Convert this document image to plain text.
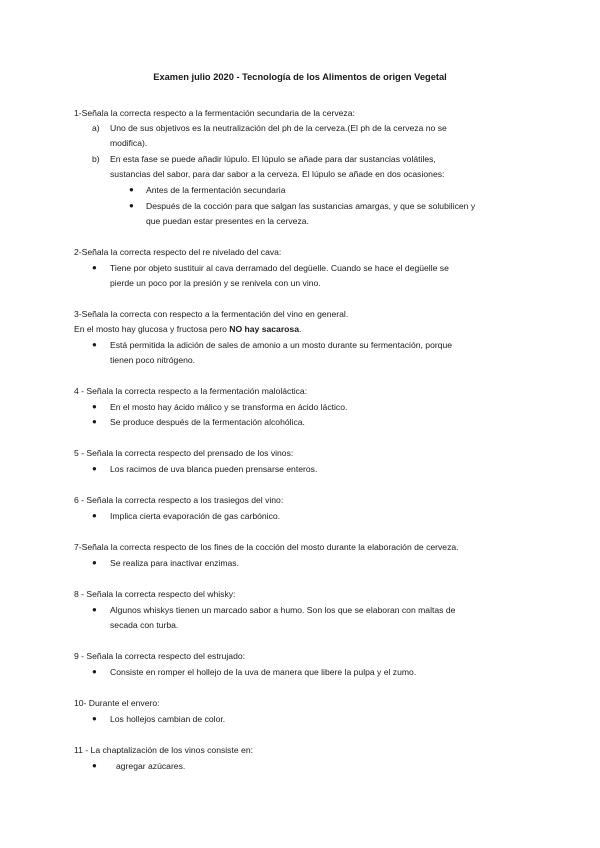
Examen julio 2020 - Tecnología de los Alimentos de origen Vegetal
1-Señala la correcta respecto a la fermentación secundaria de la cerveza:
a) Uno de sus objetivos es la neutralización del ph de la cerveza.(El ph de la cerveza no se
modifica).
b) En esta fase se puede añadir lúpulo. El lúpulo se añade para dar sustancias volátiles,
sustancias del sabor, para dar sabor a la cerveza. El lúpulo se añade en dos ocasiones:
● Antes de la fermentación secundaria
● Después de la cocción para que salgan las sustancias amargas, y que se solubilicen y
que puedan estar presentes en la cerveza.
2-Señala la correcta respecto del re nivelado del cava:
● Tiene por objeto sustituir al cava derramado del degüelle. Cuando se hace el degüelle se
pierde un poco por la presión y se renivela con un vino.
3-Señala la correcta con respecto a la fermentación del vino en general.
En el mosto hay glucosa y fructosa pero NO hay sacarosa.
● Está permitida la adición de sales de amonio a un mosto durante su fermentación, porque
tienen poco nitrógeno.
4 - Señala la correcta respecto a la fermentación maloláctica:
● En el mosto hay ácido málico y se transforma en ácido láctico.
● Se produce después de la fermentación alcohólica.
5 - Señala la correcta respecto del prensado de los vinos:
● Los racimos de uva blanca pueden prensarse enteros.
6 - Señala la correcta respecto a los trasiegos del vino:
● Implica cierta evaporación de gas carbónico.
7-Señala la correcta respecto de los fines de la cocción del mosto durante la elaboración de cerveza.
● Se realiza para inactivar enzimas.
8 - Señala la correcta respecto del whisky:
● Algunos whiskys tienen un marcado sabor a humo. Son los que se elaboran con maltas de
secada con turba.
9 - Señala la correcta respecto del estrujado:
● Consiste en romper el hollejo de la uva de manera que libere la pulpa y el zumo.
10- Durante el envero:
● Los hollejos cambian de color.
11 - La chaptalización de los vinos consiste en:
● agregar azúcares.
